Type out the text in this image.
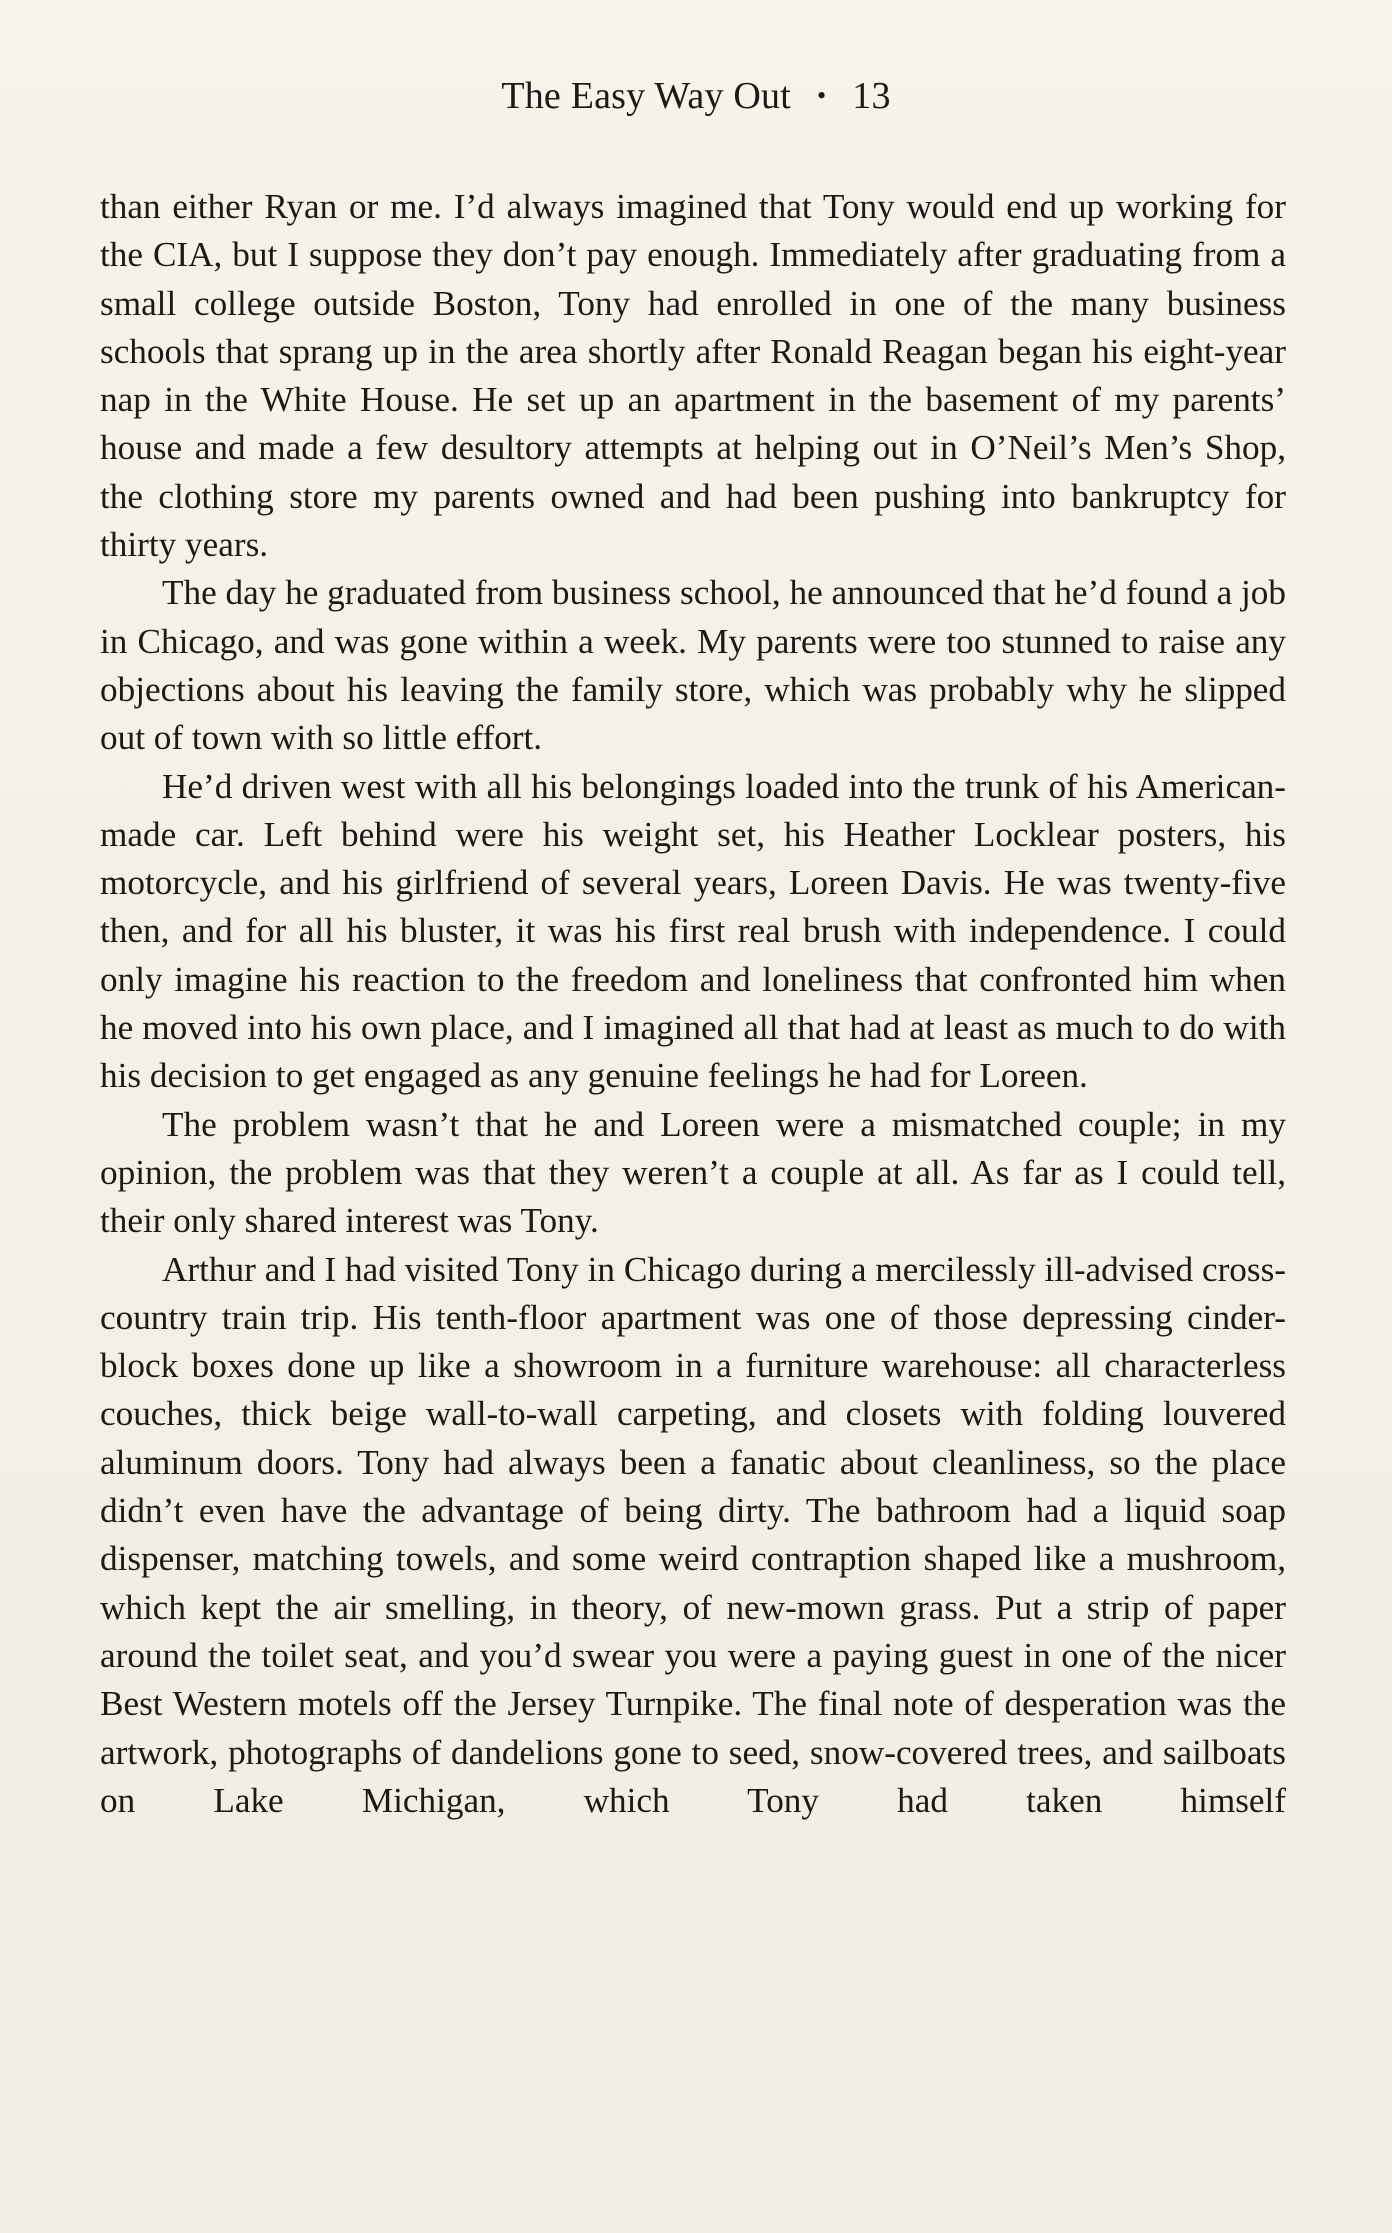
The Easy Way Out • 13

than either Ryan or me. I’d always imagined that Tony would end up working for the CIA, but I suppose they don’t pay enough. Immediately after graduating from a small college outside Boston, Tony had enrolled in one of the many business schools that sprang up in the area shortly after Ronald Reagan began his eight-year nap in the White House. He set up an apartment in the basement of my parents’ house and made a few desultory attempts at helping out in O’Neil’s Men’s Shop, the clothing store my parents owned and had been pushing into bankruptcy for thirty years.

The day he graduated from business school, he announced that he’d found a job in Chicago, and was gone within a week. My parents were too stunned to raise any objections about his leaving the family store, which was probably why he slipped out of town with so little effort.

He’d driven west with all his belongings loaded into the trunk of his American-made car. Left behind were his weight set, his Heather Locklear posters, his motorcycle, and his girlfriend of several years, Loreen Davis. He was twenty-five then, and for all his bluster, it was his first real brush with independence. I could only imagine his reaction to the freedom and loneliness that confronted him when he moved into his own place, and I imagined all that had at least as much to do with his decision to get engaged as any genuine feelings he had for Loreen.

The problem wasn’t that he and Loreen were a mismatched couple; in my opinion, the problem was that they weren’t a couple at all. As far as I could tell, their only shared interest was Tony.

Arthur and I had visited Tony in Chicago during a mercilessly ill-advised cross-country train trip. His tenth-floor apartment was one of those depressing cinder-block boxes done up like a showroom in a furniture warehouse: all characterless couches, thick beige wall-to-wall carpeting, and closets with folding louvered aluminum doors. Tony had always been a fanatic about cleanliness, so the place didn’t even have the advantage of being dirty. The bathroom had a liquid soap dispenser, matching towels, and some weird contraption shaped like a mushroom, which kept the air smelling, in theory, of new-mown grass. Put a strip of paper around the toilet seat, and you’d swear you were a paying guest in one of the nicer Best Western motels off the Jersey Turnpike. The final note of desperation was the artwork, photographs of dandelions gone to seed, snow-covered trees, and sailboats on Lake Michigan, which Tony had taken himself
